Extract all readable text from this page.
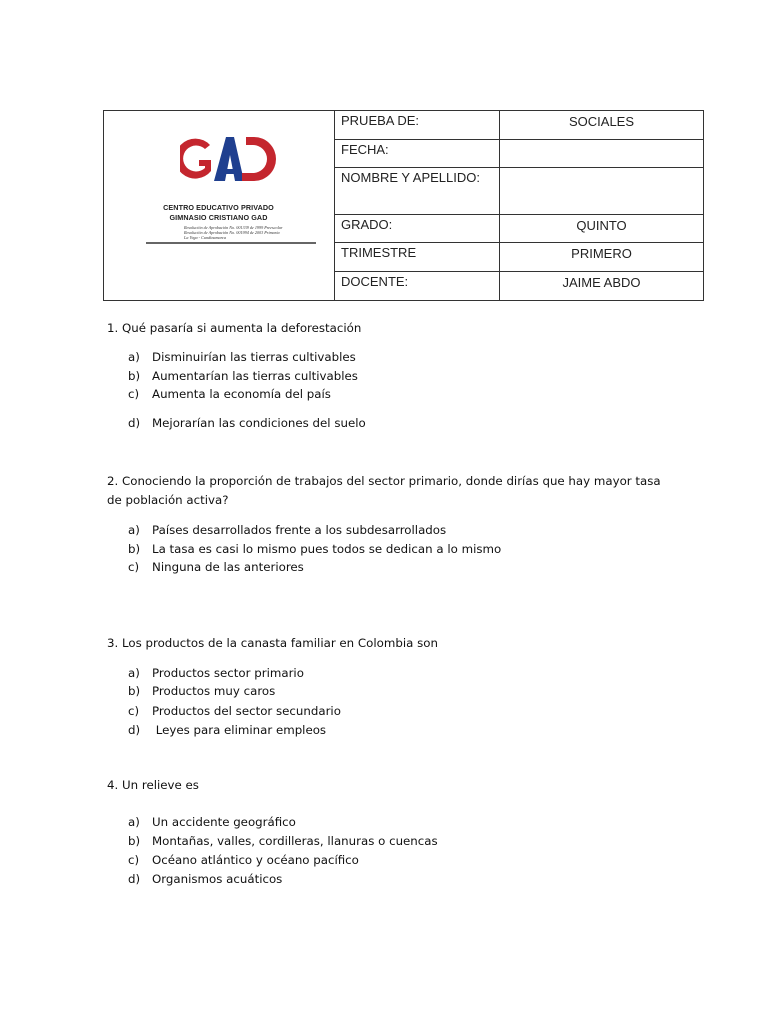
CENTRO EDUCATIVO PRIVADO
GIMNASIO CRISTIANO GAD
Resolución de Aprobación No. 001339 de 1999 Preescolar
Resolución de Aprobación No. 001994 de 2003 Primaria
La Vega - Cundinamarca	PRUEBA DE:	SOCIALES
	FECHA:	
	NOMBRE Y APELLIDO:	
	GRADO:	QUINTO
	TRIMESTRE	PRIMERO
	DOCENTE:	JAIME ABDO
1. Qué pasaría si aumenta la deforestación
a) Disminuirían las tierras cultivables
b) Aumentarían las tierras cultivables
c) Aumenta la economía del país
d) Mejorarían las condiciones del suelo
2. Conociendo la proporción de trabajos del sector primario, donde dirías que hay mayor tasa de población activa?
a) Países desarrollados frente a los subdesarrollados
b) La tasa es casi lo mismo pues todos se dedican a lo mismo
c) Ninguna de las anteriores
3. Los productos de la canasta familiar en Colombia son
a) Productos sector primario
b) Productos muy caros
c) Productos del sector secundario
d) Leyes para eliminar empleos
4. Un relieve es
a) Un accidente geográfico
b) Montañas, valles, cordilleras, llanuras o cuencas
c) Océano atlántico y océano pacífico
d) Organismos acuáticos
